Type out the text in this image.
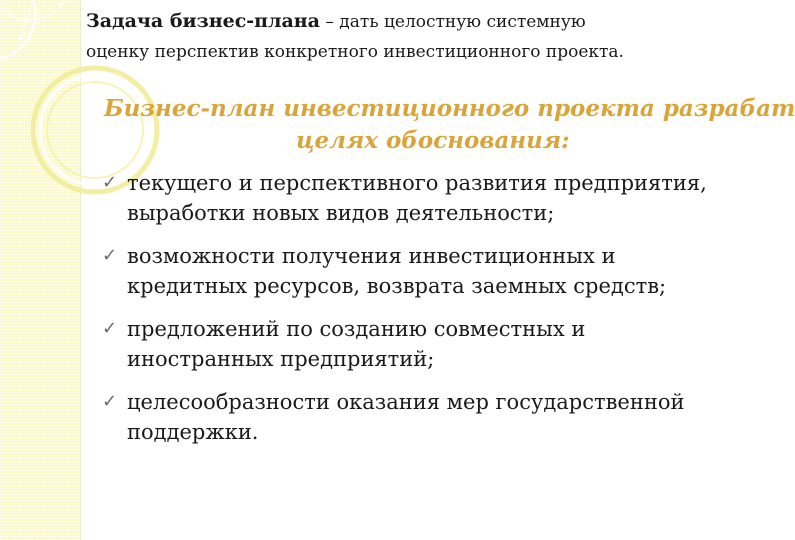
Задача бизнес-плана – дать целостную системную
оценку перспектив конкретного инвестиционного проекта.
Бизнес-план инвестиционного проекта разрабат
целях обоснования:
✓ текущего и перспективного развития предприятия,
выработки новых видов деятельности;
✓ возможности получения инвестиционных и
кредитных ресурсов, возврата заемных средств;
✓ предложений по созданию совместных и
иностранных предприятий;
✓ целесообразности оказания мер государственной
поддержки.
